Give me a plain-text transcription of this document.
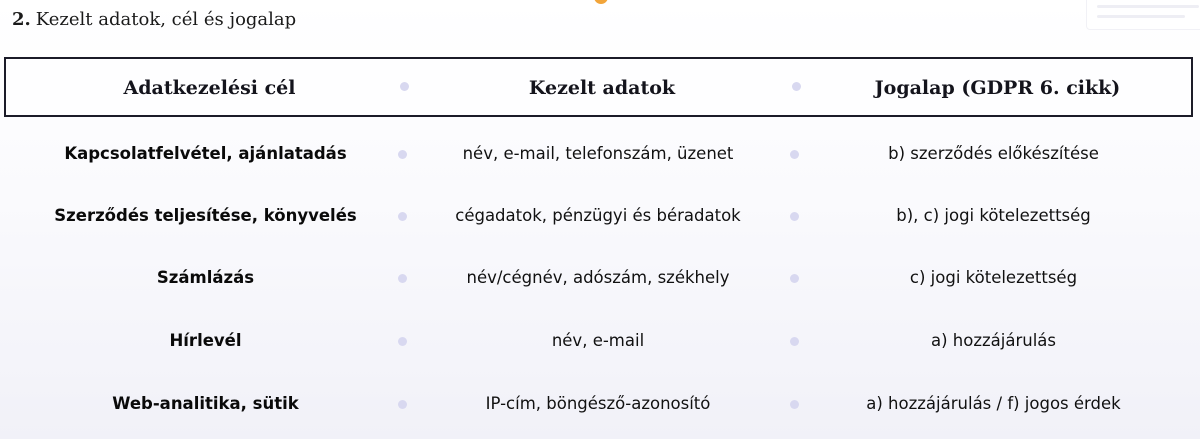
2. Kezelt adatok, cél és jogalap
Adatkezelési cél	Kezelt adatok	Jogalap (GDPR 6. cikk)
Kapcsolatfelvétel, ajánlatadás	név, e-mail, telefonszám, üzenet	b) szerződés előkészítése
Szerződés teljesítése, könyvelés	cégadatok, pénzügyi és béradatok	b), c) jogi kötelezettség
Számlázás	név/cégnév, adószám, székhely	c) jogi kötelezettség
Hírlevél	név, e-mail	a) hozzájárulás
Web-analitika, sütik	IP-cím, böngésző-azonosító	a) hozzájárulás / f) jogos érdek
